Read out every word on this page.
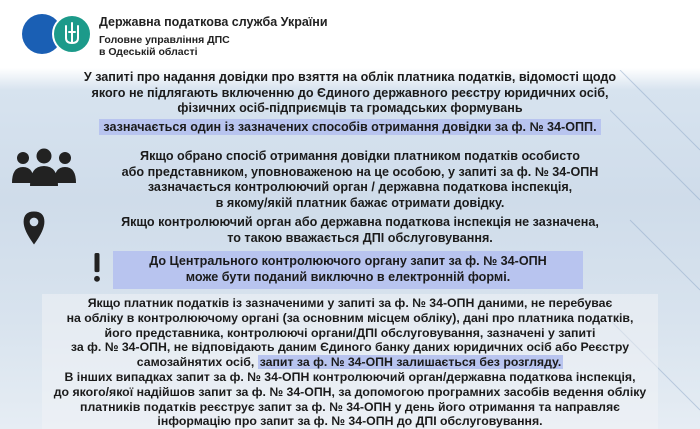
Державна податкова служба України
Головне управління ДПС
в Одеській області
У запиті про надання довідки про взяття на облік платника податків, відомості щодо
якого не підлягають включенню до Єдиного державного реєстру юридичних осіб,
фізичних осіб-підприємців та громадських формувань
зазначається один із зазначених способів отримання довідки за ф. № 34-ОПП.
Якщо обрано спосіб отримання довідки платником податків особисто
або представником, уповноваженою на це особою, у запиті за ф. № 34-ОПН
зазначається контролюючий орган / державна податкова інспекція,
в якому/якій платник бажає отримати довідку.
Якщо контролюючий орган або державна податкова інспекція не зазначена,
то такою вважається ДПІ обслуговування.
До Центрального контролюючого органу запит за ф. № 34-ОПН
може бути поданий виключно в електронній формі.
Якщо платник податків із зазначеними у запиті за ф. № 34-ОПН даними, не перебуває
на обліку в контролюючому органі (за основним місцем обліку), дані про платника податків,
його представника, контролюючі органи/ДПІ обслуговування, зазначені у запиті
за ф. № 34-ОПН, не відповідають даним Єдиного банку даних юридичних осіб або Реєстру
самозайнятих осіб, запит за ф. № 34-ОПН залишається без розгляду.
В інших випадках запит за ф. № 34-ОПН контролюючий орган/державна податкова інспекція,
до якого/якої надійшов запит за ф. № 34-ОПН, за допомогою програмних засобів ведення обліку
платників податків реєструє запит за ф. № 34-ОПН у день його отримання та направляє
інформацію про запит за ф. № 34-ОПН до ДПІ обслуговування.
